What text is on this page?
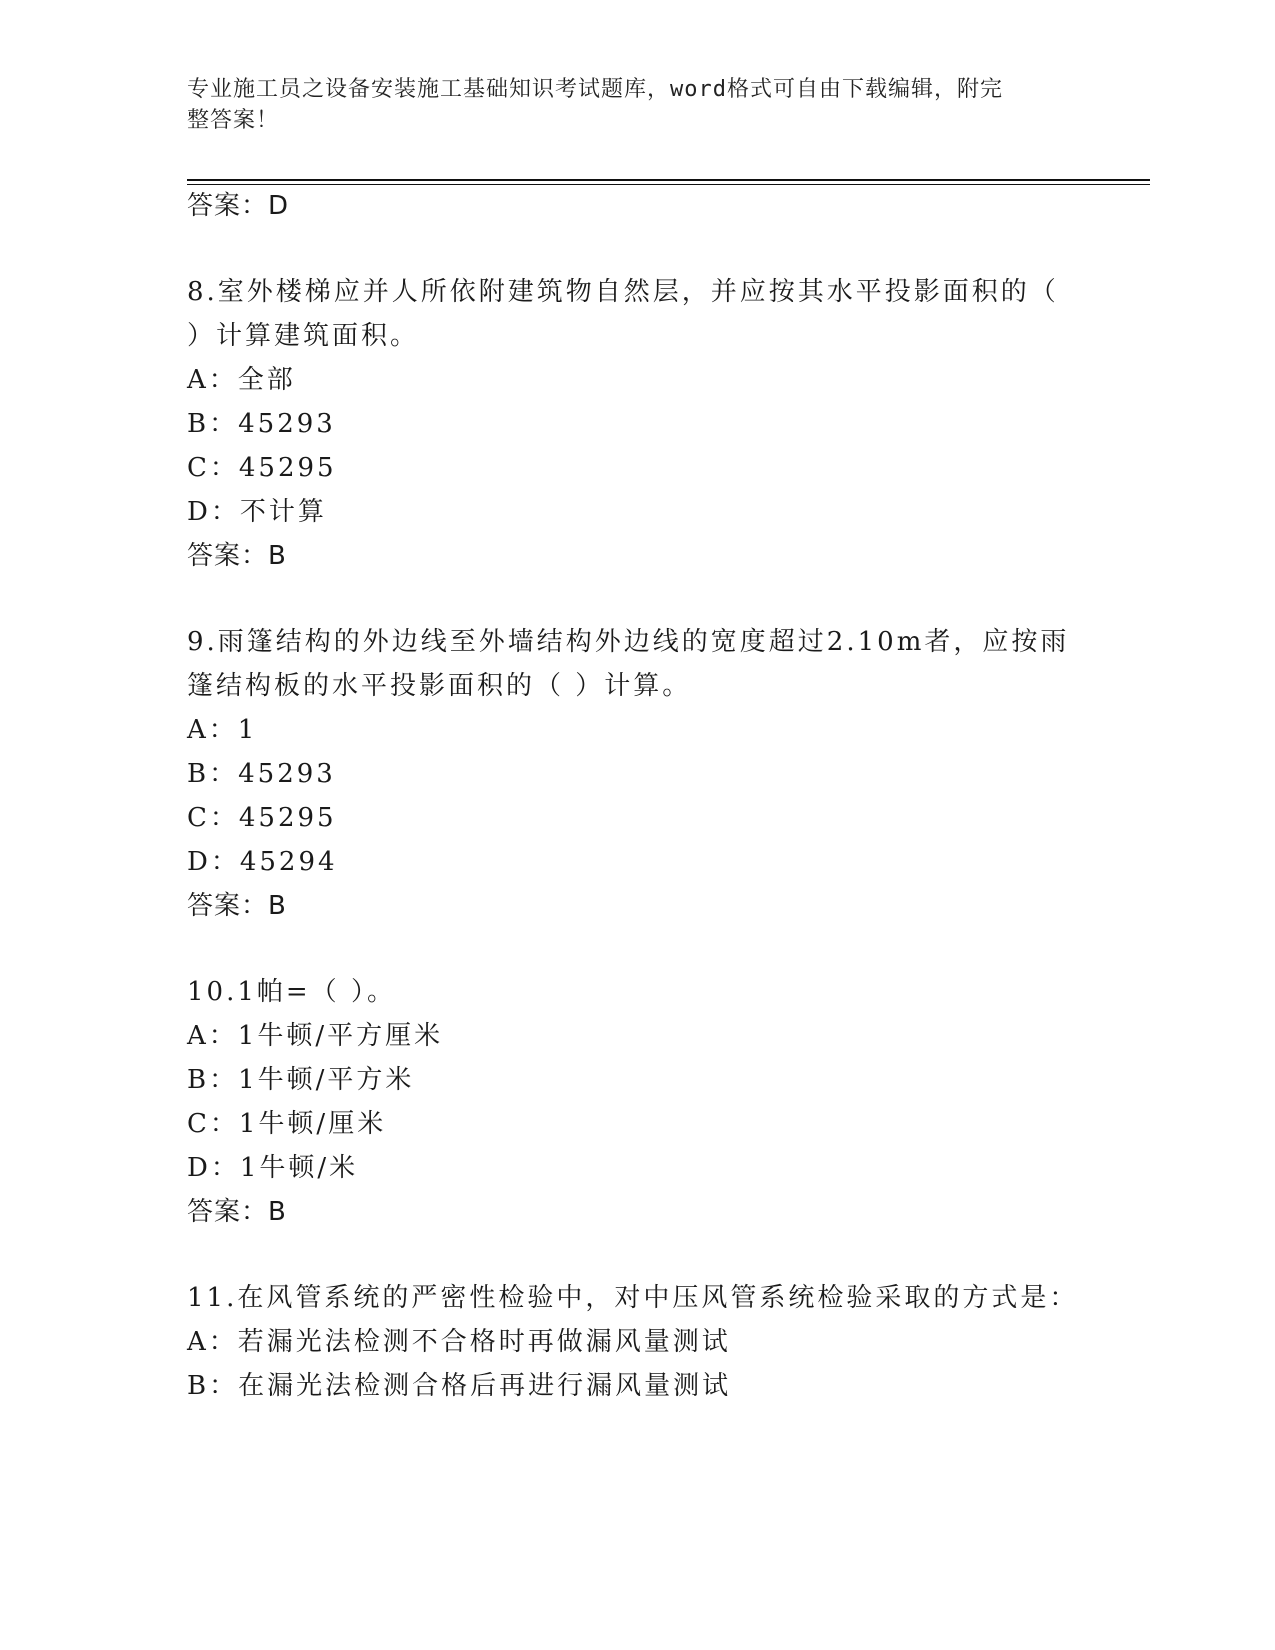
专业施工员之设备安装施工基础知识考试题库，word格式可自由下载编辑，附完
整答案！
答案：D
8.室外楼梯应并人所依附建筑物自然层，并应按其水平投影面积的（
）计算建筑面积。
A：全部
B：45293
C：45295
D：不计算
答案：B
9.雨篷结构的外边线至外墙结构外边线的宽度超过2.10m者，应按雨
篷结构板的水平投影面积的（ ）计算。
A：1
B：45293
C：45295
D：45294
答案：B
10.1帕=（ ）。
A：1牛顿/平方厘米
B：1牛顿/平方米
C：1牛顿/厘米
D：1牛顿/米
答案：B
11.在风管系统的严密性检验中，对中压风管系统检验采取的方式是：
A：若漏光法检测不合格时再做漏风量测试
B：在漏光法检测合格后再进行漏风量测试
